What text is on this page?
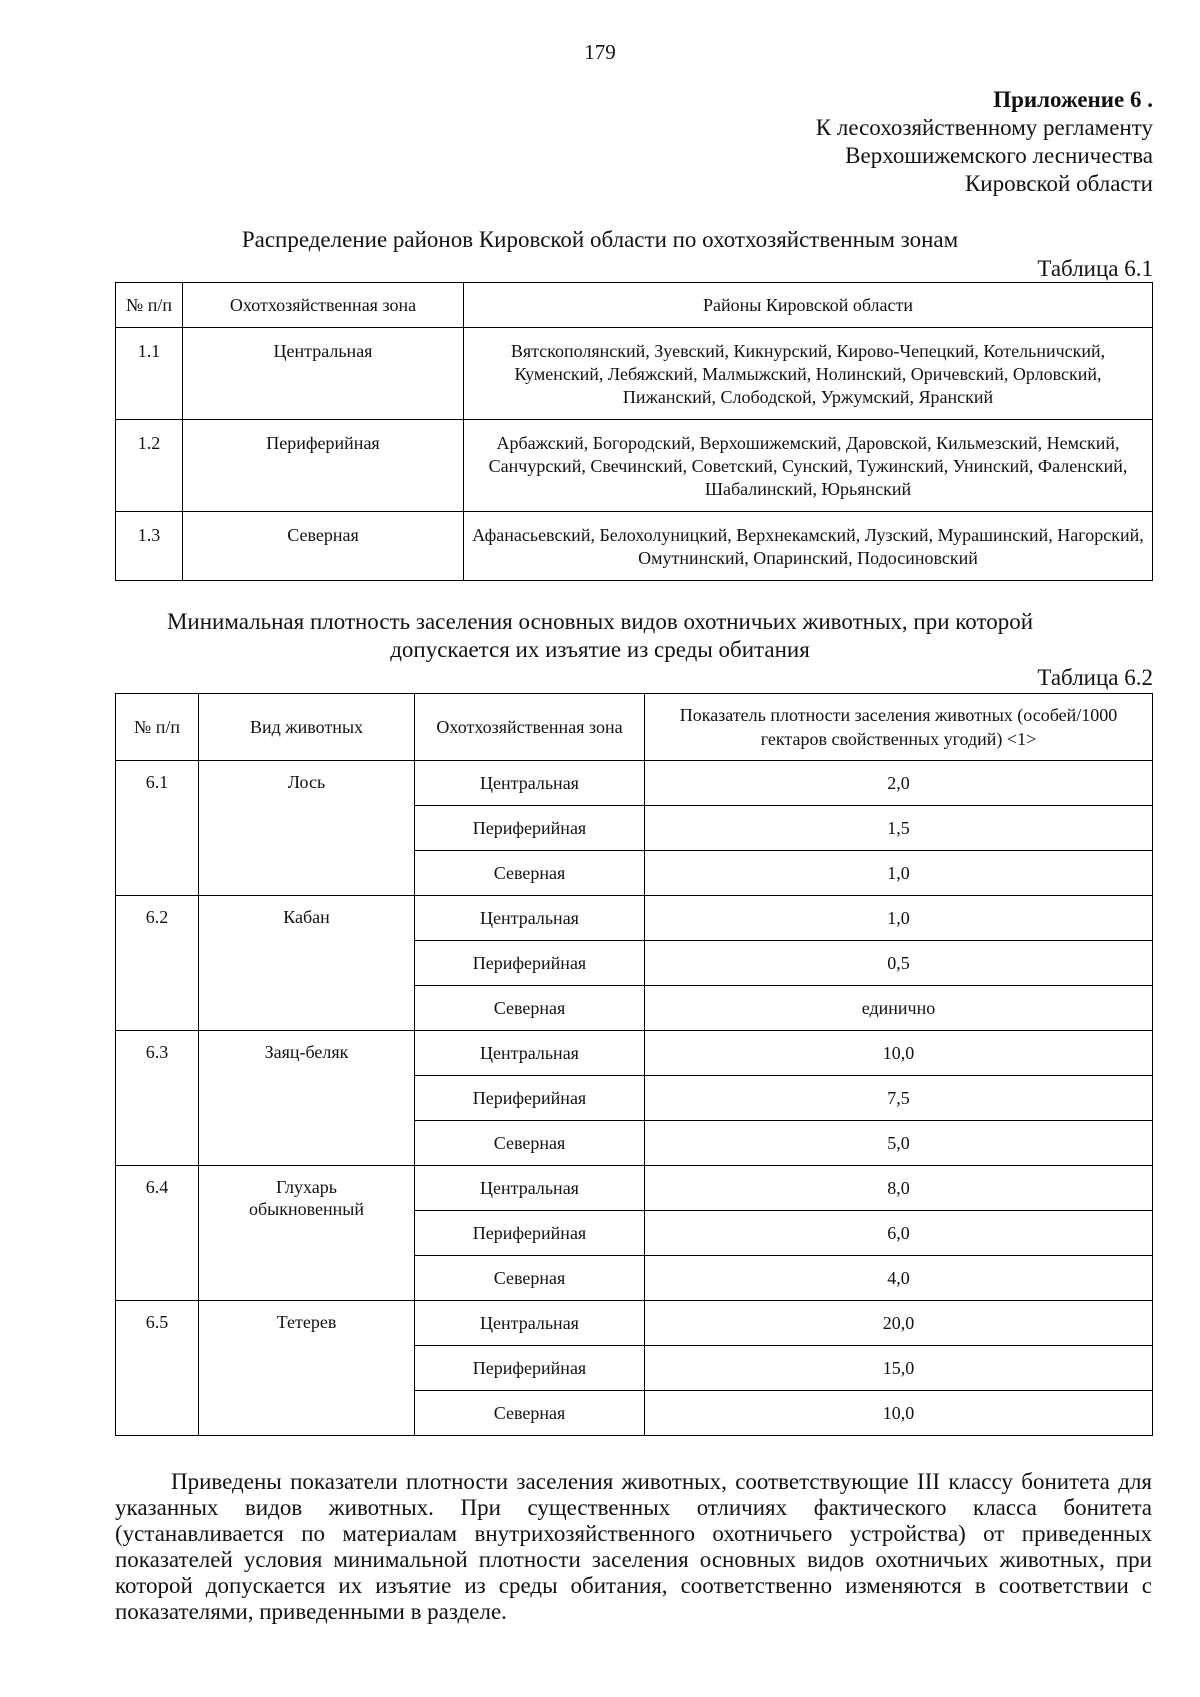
179
Приложение 6 .
К лесохозяйственному регламенту
Верхошижемского лесничества
Кировской области
Распределение районов Кировской области по охотхозяйственным зонам
Таблица 6.1
№ п/п	Охотхозяйственная зона	Районы Кировской области
1.1	Центральная	Вятскополянский, Зуевский, Кикнурский, Кирово-Чепецкий, Котельничский, Куменский, Лебяжский, Малмыжский, Нолинский, Оричевский, Орловский, Пижанский, Слободской, Уржумский, Яранский
1.2	Периферийная	Арбажский, Богородский, Верхошижемский, Даровской, Кильмезский, Немский, Санчурский, Свечинский, Советский, Сунский, Тужинский, Унинский, Фаленский, Шабалинский, Юрьянский
1.3	Северная	Афанасьевский, Белохолуницкий, Верхнекамский, Лузский, Мурашинский, Нагорский, Омутнинский, Опаринский, Подосиновский
Минимальная плотность заселения основных видов охотничьих животных, при которой
допускается их изъятие из среды обитания
Таблица 6.2
№ п/п	Вид животных	Охотхозяйственная зона	Показатель плотности заселения животных (особей/1000 гектаров свойственных угодий) <1>
6.1	Лось	Центральная	2,0
		Периферийная	1,5
		Северная	1,0
6.2	Кабан	Центральная	1,0
		Периферийная	0,5
		Северная	единично
6.3	Заяц-беляк	Центральная	10,0
		Периферийная	7,5
		Северная	5,0
6.4	Глухарь обыкновенный	Центральная	8,0
		Периферийная	6,0
		Северная	4,0
6.5	Тетерев	Центральная	20,0
		Периферийная	15,0
		Северная	10,0

Приведены показатели плотности заселения животных, соответствующие III классу бонитета для указанных видов животных. При существенных отличиях фактического класса бонитета (устанавливается по материалам внутрихозяйственного охотничьего устройства) от приведенных показателей условия минимальной плотности заселения основных видов охотничьих животных, при которой допускается их изъятие из среды обитания, соответственно изменяются в соответствии с показателями, приведенными в разделе.
